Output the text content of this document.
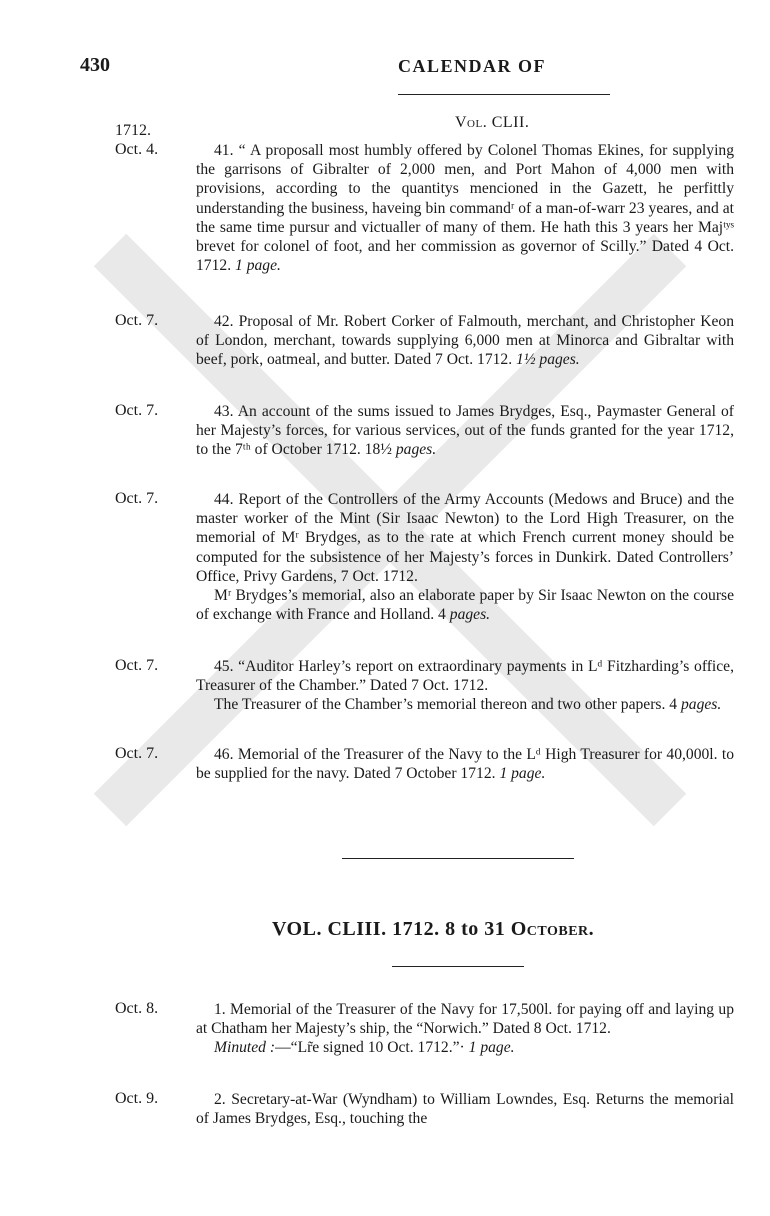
430	CALENDAR OF
Vol. CLII.
1712.
Oct. 4.	41. “ A proposall most humbly offered by Colonel Thomas Ekines, for supplying the garrisons of Gibralter of 2,000 men, and Port Mahon of 4,000 men with provisions, according to the quantitys mencioned in the Gazett, he perfittly understanding the business, haveing bin commandʳ of a man-of-warr 23 yeares, and at the same time pursur and victualler of many of them. He hath this 3 years her Majᵗʸˢ brevet for colonel of foot, and her commission as governor of Scilly.” Dated 4 Oct. 1712. 1 page.

Oct. 7.	42. Proposal of Mr. Robert Corker of Falmouth, merchant, and Christopher Keon of London, merchant, towards supplying 6,000 men at Minorca and Gibraltar with beef, pork, oatmeal, and butter. Dated 7 Oct. 1712. 1½ pages.

Oct. 7.	43. An account of the sums issued to James Brydges, Esq., Paymaster General of her Majesty’s forces, for various services, out of the funds granted for the year 1712, to the 7ᵗʰ of October 1712. 18½ pages.

Oct. 7.	44. Report of the Controllers of the Army Accounts (Medows and Bruce) and the master worker of the Mint (Sir Isaac Newton) to the Lord High Treasurer, on the memorial of Mʳ Brydges, as to the rate at which French current money should be computed for the subsistence of her Majesty’s forces in Dunkirk. Dated Controllers’ Office, Privy Gardens, 7 Oct. 1712.

Mʳ Brydges’s memorial, also an elaborate paper by Sir Isaac Newton on the course of exchange with France and Holland. 4 pages.

Oct. 7.	45. “Auditor Harley’s report on extraordinary payments in Lᵈ Fitzharding’s office, Treasurer of the Chamber.” Dated 7 Oct. 1712.

The Treasurer of the Chamber’s memorial thereon and two other papers. 4 pages.

Oct. 7.	46. Memorial of the Treasurer of the Navy to the Lᵈ High Treasurer for 40,000l. to be supplied for the navy. Dated 7 October 1712. 1 page.

VOL. CLIII. 1712. 8 to 31 October.
Oct. 8.	1. Memorial of the Treasurer of the Navy for 17,500l. for paying off and laying up at Chatham her Majesty’s ship, the “Norwich.” Dated 8 Oct. 1712.

Minuted :—“Lr̃e signed 10 Oct. 1712.”· 1 page.

Oct. 9.	2. Secretary-at-War (Wyndham) to William Lowndes, Esq. Returns the memorial of James Brydges, Esq., touching the
